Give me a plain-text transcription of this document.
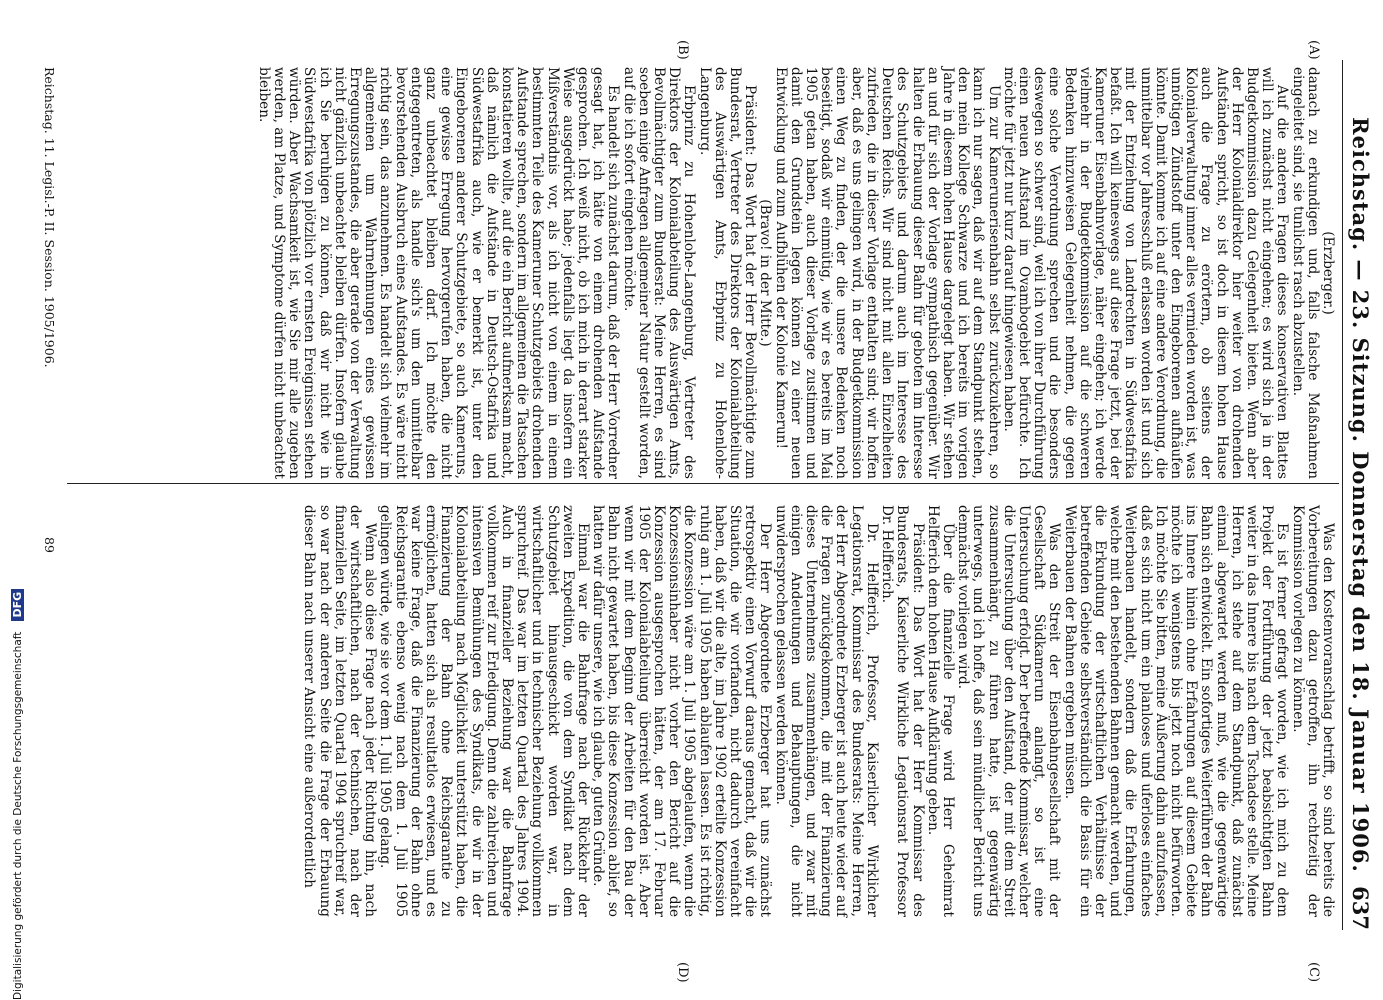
Reichstag. — 23. Sitzung. Donnerstag den 18. Januar 1906.
637
(A)
(B)
(C)
(D)

(Erzberger.)

danach zu erkundigen und, falls falsche Maßnahmen eingeleitet sind, sie tunlichst rasch abzustellen.

Auf die anderen Fragen dieses konservativen Blattes will ich zunächst nicht eingehen; es wird sich ja in der Budgetkommission dazu Gelegenheit bieten. Wenn aber der Herr Kolonialdirektor hier weiter von drohenden Aufständen spricht, so ist doch in diesem hohen Hause auch die Frage zu erörtern, ob seitens der Kolonialverwaltung immer alles vermieden worden ist, was unnötigen Zündstoff unter den Eingeborenen aufhäufen könnte. Damit komme ich auf eine andere Verordnung, die unmittelbar vor Jahresschluß erlassen worden ist und sich mit der Entziehung von Landrechten in Südwestafrika befaßt. Ich will keineswegs auf diese Frage jetzt, bei der Kameruner Eisenbahnvorlage, näher eingehen; ich werde vielmehr in der Budgetkommission auf die schweren Bedenken hinzuweisen Gelegenheit nehmen, die gegen eine solche Verordnung sprechen und die besonders deswegen so schwer sind, weil ich von ihrer Durchführung einen neuen Aufstand im Ovambogebiet befürchte. Ich möchte für jetzt nur kurz darauf hingewiesen haben.

Um zur Kamerunerisenbahn selbst zurückzukehren, so kann ich nur sagen, daß wir auf dem Standpunkt stehen, den mein Kollege Schwarze und ich bereits im vorigen Jahre in diesem hohen Hause dargelegt haben. Wir stehen an und für sich der Vorlage sympathisch gegenüber. Wir halten die Erbauung dieser Bahn für geboten im Interesse des Schutzgebiets und darum auch im Interesse des Deutschen Reichs. Wir sind nicht mit allen Einzelheiten zufrieden, die in dieser Vorlage enthalten sind; wir hoffen aber, daß es uns gelingen wird, in der Budgetkommission einen Weg zu finden, der die unsere Bedenken noch beseitigt, sodaß wir einmütig, wie wir es bereits im Mai 1905 getan haben, auch dieser Vorlage zustimmen und damit den Grundstein legen können zu einer neuen Entwicklung und zum Aufblühen der Kolonie Kamerun!

(Bravo! in der Mitte.)

Präsident: Das Wort hat der Herr Bevollmächtigte zum Bundesrat, Vertreter des Direktors der Kolonialabteilung des Auswärtigen Amts, Erbprinz zu Hohenlohe-Langenburg.

Erbprinz zu Hohenlohe-Langenburg, Vertreter des Direktors der Kolonialabteilung des Auswärtigen Amts, Bevollmächtigter zum Bundesrat: Meine Herren, es sind soeben einige Anfragen allgemeiner Natur gestellt worden, auf die ich sofort eingehen möchte.

Es handelt sich zunächst darum, daß der Herr Vorredner gesagt hat, ich hätte von einem drohenden Aufstande gesprochen. Ich weiß nicht, ob ich mich in derart starker Weise ausgedrückt habe; jedenfalls liegt da insofern ein Mißverständnis vor, als ich nicht von einem in einem bestimmten Teile des Kameruner Schutzgebiets drohenden Aufstande sprechen, sondern im allgemeinen die Tatsachen konstatieren wollte, auf die ein Bericht aufmerksam macht, daß nämlich die Aufstände in Deutsch-Ostafrika und Südwestafrika auch, wie er bemerkt ist, unter den Eingeborenen anderer Schutzgebiete, so auch Kameruns, eine gewisse Erregung hervorgerufen haben, die nicht ganz unbeachtet bleiben darf. Ich möchte den entgegentreten, als handle sich's um den unmittelbar bevorstehenden Ausbruch eines Aufstandes. Es wäre nicht richtig sein, das anzunehmen. Es handelt sich vielmehr im allgemeinen um Wahrnehmungen eines gewissen Erregungszustandes, die aber gerade von der Verwaltung nicht gänzlich unbeachtet bleiben dürfen. Insofern glaube ich Sie beruhigen zu können, daß wir nicht wie in Südwestafrika von plötzlich vor ernsten Ereignissen stehen würden. Aber Wachsamkeit ist, wie Sie mir alle zugeben werden, am Platze, und Symptome dürfen nicht unbeachtet bleiben.

Was den Kostenvoranschlag betrifft, so sind bereits die Vorbereitungen dazu getroffen, ihn rechtzeitig der Kommission vorlegen zu können.

Es ist ferner gefragt worden, wie ich mich zu dem Projekt der Fortführung der jetzt beabsichtigten Bahn weiter in das Innere bis nach dem Tschadsee stelle. Meine Herren, ich stehe auf dem Standpunkt, daß zunächst einmal abgewartet werden muß, wie die gegenwärtige Bahn sich entwickelt. Ein sofortiges Weiterführen der Bahn ins Innere hinein ohne Erfahrungen auf diesem Gebiete möchte ich wenigstens bis jetzt noch nicht befürworten. Ich möchte Sie bitten, meine Äußerung dahin aufzufassen, daß es sich nicht um ein planloses und uferloses einfaches Weiterbauen handelt, sondern daß die Erfahrungen, welche mit den bestehenden Bahnen gemacht werden, und die Erkundung der wirtschaftlichen Verhältnisse der betreffenden Gebiete selbstverständlich die Basis für ein Weiterbauen der Bahnen ergeben müssen.

Was den Streit der Eisenbahngesellschaft mit der Gesellschaft Südkamerun anlangt, so ist eine Untersuchung erfolgt. Der betreffende Kommissar, welcher die Untersuchung über den Aufstand, der mit dem Streit zusammenhängt, zu führen hatte, ist gegenwärtig unterwegs, und ich hoffe, daß sein mündlicher Bericht uns demnächst vorliegen wird.

Über die finanzielle Frage wird Herr Geheimrat Helfferich dem hohen Hause Aufklärung geben.

Präsident: Das Wort hat der Herr Kommissar des Bundesrats, Kaiserliche Wirkliche Legationsrat Professor Dr. Helfferich.

Dr. Helfferich, Professor, Kaiserlicher Wirklicher Legationsrat, Kommissar des Bundesrats: Meine Herren, der Herr Abgeordnete Erzberger ist auch heute wieder auf die Fragen zurückgekommen, die mit der Finanzierung dieses Unternehmens zusammenhängen, und zwar mit einigen Andeutungen und Behauptungen, die nicht unwidersprochen gelassen werden können.

Der Herr Abgeordnete Erzberger hat uns zunächst retrospektiv einen Vorwurf daraus gemacht, daß wir die Situation, die wir vorfanden, nicht dadurch vereinfacht haben, daß wir die alte, im Jahre 1902 erteilte Konzession ruhig am 1. Juli 1905 haben ablaufen lassen. Es ist richtig, die Konzession wäre am 1. Juli 1905 abgelaufen, wenn die Konzessionsinhaber nicht vorher den Bericht auf die Konzession ausgesprochen hätten, der am 17. Februar 1905 der Kolonialabteilung überreicht worden ist. Aber wenn wir mit dem Beginn der Arbeiten für den Bau der Bahn nicht gewartet haben, bis diese Konzession ablief, so hatten wir dafür unsere, wie ich glaube, guten Gründe.

Einmal war die Bahnfrage nach der Rückkehr der zweiten Expedition, die von dem Syndikat nach dem Schutzgebiet hinausgeschickt worden war, in wirtschaftlicher und in technischer Beziehung vollkommen spruchreif. Das war im letzten Quartal des Jahres 1904. Auch in finanzieller Beziehung war die Bahnfrage vollkommen reif zur Erledigung. Denn die zahlreichen und intensiven Bemühungen des Syndikats, die wir in der Kolonialabteilung nach Möglichkeit unterstützt haben, die Finanzierung der Bahn ohne Reichsgarantie zu ermöglichen, hatten sich als resultatlos erwiesen, und es war keine Frage, daß die Finanzierung der Bahn ohne Reichsgarantie ebenso wenig nach dem 1. Juli 1905 gelingen würde, wie sie vor dem 1. Juli 1905 gelang.

Wenn also diese Frage nach jeder Richtung hin, nach der wirtschaftlichen, nach der technischen, nach der finanziellen Seite, im letzten Quartal 1904 spruchreif war, so war nach der anderen Seite die Frage der Erbauung dieser Bahn nach unserer Ansicht eine außerordentlich

Reichstag. 11. Legisl.-P. II. Session. 1905/1906.
89
Digitalisierung gefördert durch die Deutsche Forschungsgemeinschaft DFG
